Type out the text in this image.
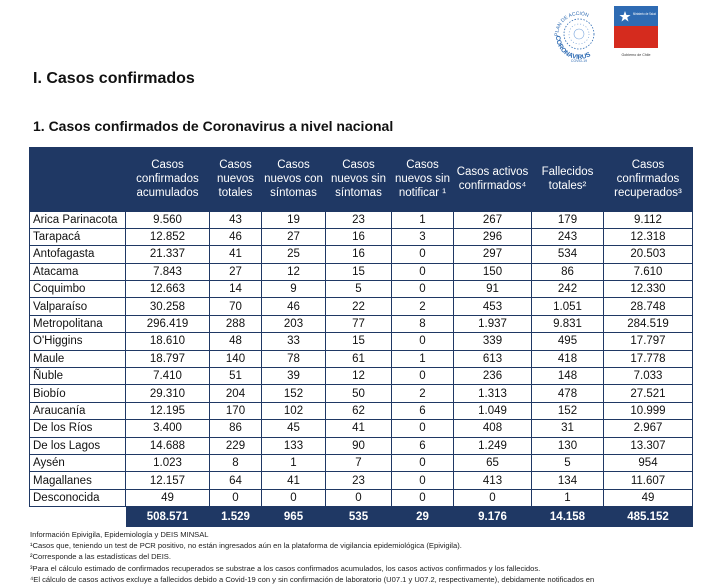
PLAN DE ACCIÓN
CORONAVIRUS
COVID-19
Ministerio de Salud
Gobierno de Chile
I. Casos confirmados
1. Casos confirmados de Coronavirus a nivel nacional
	Casos confirmados acumulados	Casos nuevos totales	Casos nuevos con síntomas	Casos nuevos sin síntomas	Casos nuevos sin notificar ¹	Casos activos confirmados⁴	Fallecidos totales²	Casos confirmados recuperados³
Arica Parinacota	9.560	43	19	23	1	267	179	9.112
Tarapacá	12.852	46	27	16	3	296	243	12.318
Antofagasta	21.337	41	25	16	0	297	534	20.503
Atacama	7.843	27	12	15	0	150	86	7.610
Coquimbo	12.663	14	9	5	0	91	242	12.330
Valparaíso	30.258	70	46	22	2	453	1.051	28.748
Metropolitana	296.419	288	203	77	8	1.937	9.831	284.519
O'Higgins	18.610	48	33	15	0	339	495	17.797
Maule	18.797	140	78	61	1	613	418	17.778
Ñuble	7.410	51	39	12	0	236	148	7.033
Biobío	29.310	204	152	50	2	1.313	478	27.521
Araucanía	12.195	170	102	62	6	1.049	152	10.999
De los Ríos	3.400	86	45	41	0	408	31	2.967
De los Lagos	14.688	229	133	90	6	1.249	130	13.307
Aysén	1.023	8	1	7	0	65	5	954
Magallanes	12.157	64	41	23	0	413	134	11.607
Desconocida	49	0	0	0	0	0	1	49
	508.571	1.529	965	535	29	9.176	14.158	485.152
Información Epivigila, Epidemiología y DEIS MINSAL
¹Casos que, teniendo un test de PCR positivo, no están ingresados aún en la plataforma de vigilancia epidemiológica (Epivigila).
²Corresponde a las estadísticas del DEIS.
³Para el cálculo estimado de confirmados recuperados se substrae a los casos confirmados acumulados, los casos activos confirmados y los fallecidos.
⁴El cálculo de casos activos excluye a fallecidos debido a Covid-19 con y sin confirmación de laboratorio (U07.1 y U07.2, respectivamente), debidamente notificados en
